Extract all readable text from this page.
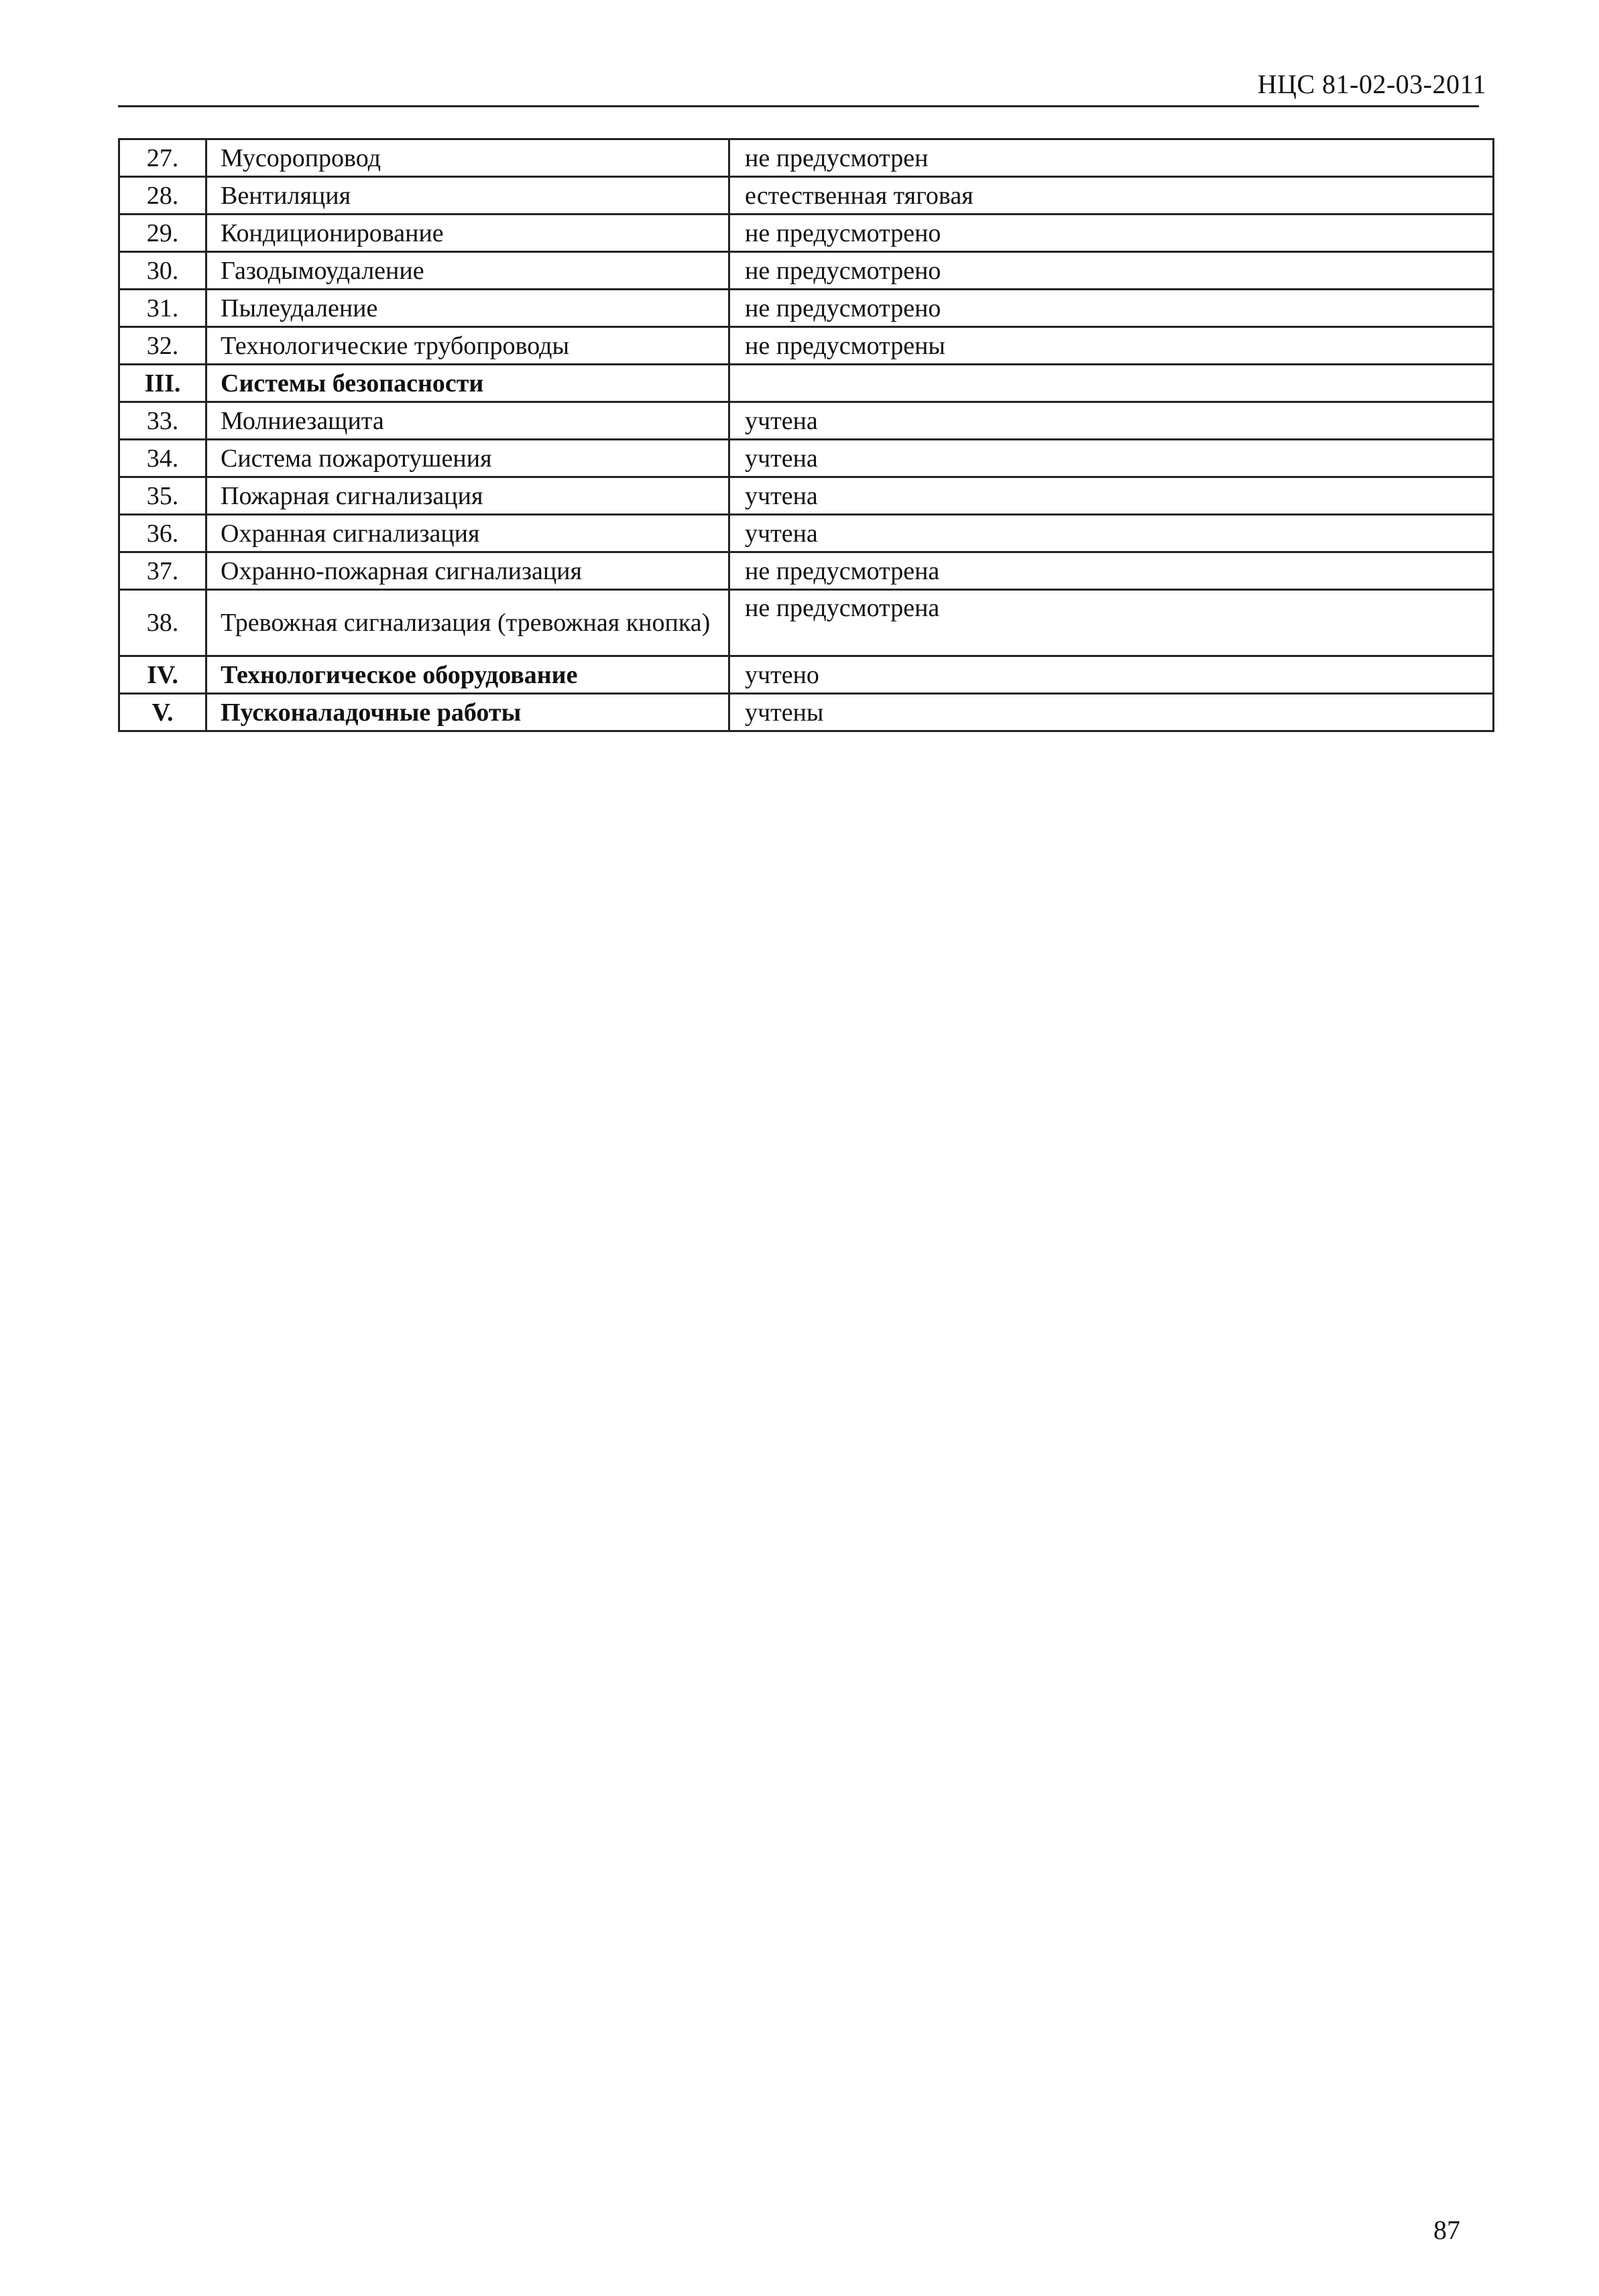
НЦС 81-02-03-2011
27.	Мусоропровод	не предусмотрен
28.	Вентиляция	естественная тяговая
29.	Кондиционирование	не предусмотрено
30.	Газодымоудаление	не предусмотрено
31.	Пылеудаление	не предусмотрено
32.	Технологические трубопроводы	не предусмотрены
III.	Системы безопасности	
33.	Молниезащита	учтена
34.	Система пожаротушения	учтена
35.	Пожарная сигнализация	учтена
36.	Охранная сигнализация	учтена
37.	Охранно-пожарная сигнализация	не предусмотрена
38.	Тревожная сигнализация (тревожная кнопка)	не предусмотрена
IV.	Технологическое оборудование	учтено
V.	Пусконаладочные работы	учтены
87
